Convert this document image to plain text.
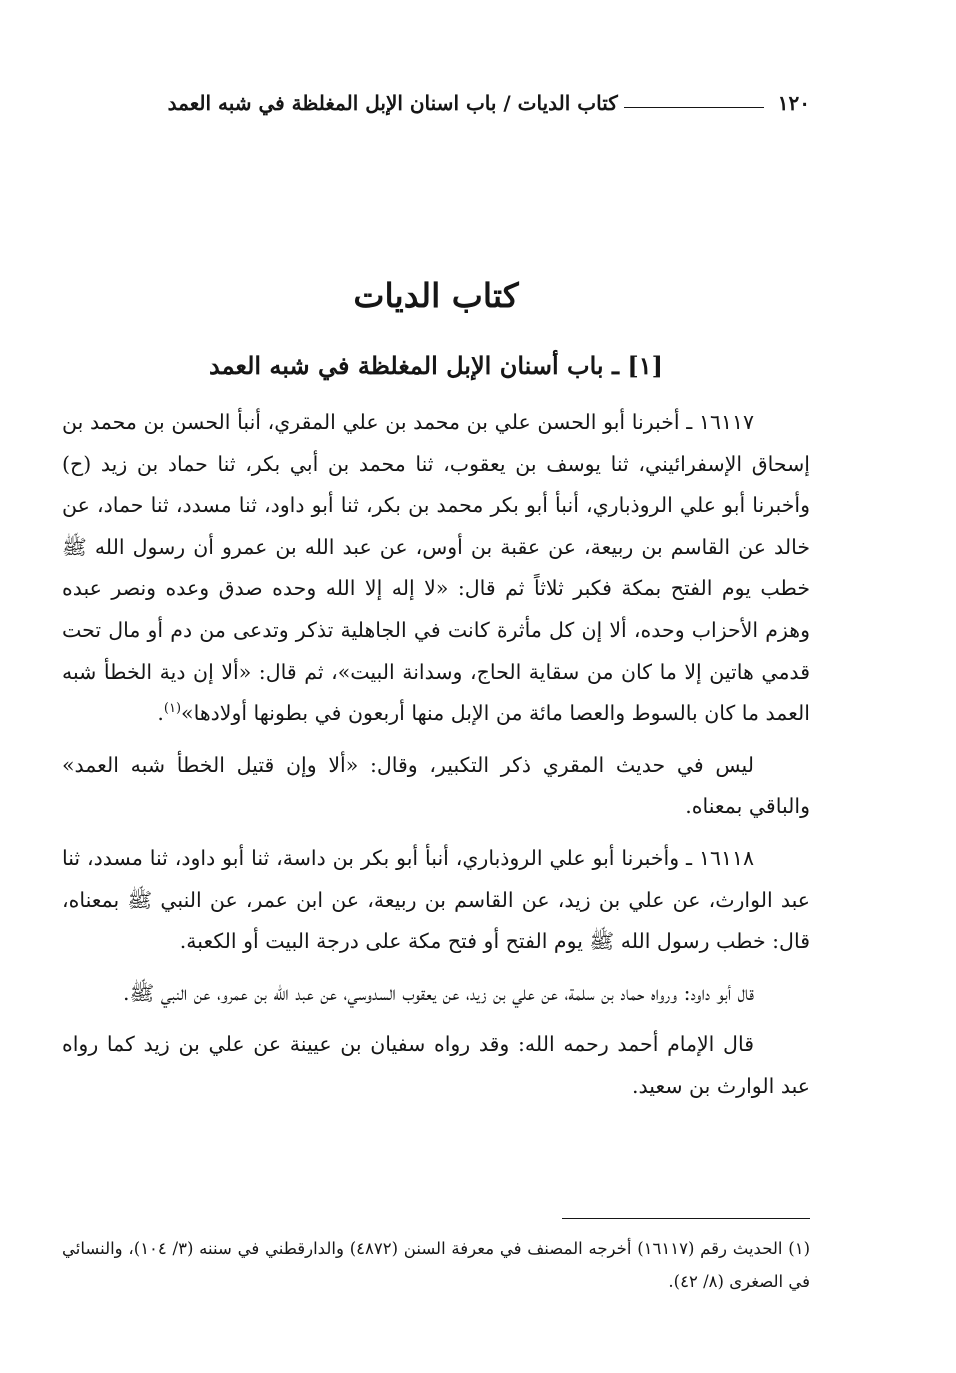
١٢٠
كتاب الديات / باب اسنان الإبل المغلظة في شبه العمد
كتاب الديات
[١] ـ باب أسنان الإبل المغلظة في شبه العمد

١٦١١٧ ـ أخبرنا أبو الحسن علي بن محمد بن علي المقري، أنبأ الحسن بن محمد بن إسحاق الإسفرائيني، ثنا يوسف بن يعقوب، ثنا محمد بن أبي بكر، ثنا حماد بن زيد (ح) وأخبرنا أبو علي الروذباري، أنبأ أبو بكر محمد بن بكر، ثنا أبو داود، ثنا مسدد، ثنا حماد، عن خالد عن القاسم بن ربيعة، عن عقبة بن أوس، عن عبد الله بن عمرو أن رسول الله ﷺ خطب يوم الفتح بمكة فكبر ثلاثاً ثم قال: «لا إله إلا الله وحده صدق وعده ونصر عبده وهزم الأحزاب وحده، ألا إن كل مأثرة كانت في الجاهلية تذكر وتدعى من دم أو مال تحت قدمي هاتين إلا ما كان من سقاية الحاج، وسدانة البيت»، ثم قال: «ألا إن دية الخطأ شبه العمد ما كان بالسوط والعصا مائة من الإبل منها أربعون في بطونها أولادها»$^{(١)}$.

ليس في حديث المقري ذكر التكبير، وقال: «ألا وإن قتيل الخطأ شبه العمد» والباقي بمعناه.

١٦١١٨ ـ وأخبرنا أبو علي الروذباري، أنبأ أبو بكر بن داسة، ثنا أبو داود، ثنا مسدد، ثنا عبد الوارث، عن علي بن زيد، عن القاسم بن ربيعة، عن ابن عمر، عن النبي ﷺ بمعناه، قال: خطب رسول الله ﷺ يوم الفتح أو فتح مكة على درجة البيت أو الكعبة.

قال أبو داود: ورواه حماد بن سلمة، عن علي بن زيد، عن يعقوب السدوسي، عن عبد الله بن عمرو، عن النبي ﷺ.

قال الإمام أحمد رحمه الله: وقد رواه سفيان بن عيينة عن علي بن زيد كما رواه عبد الوارث بن سعيد.

(١) الحديث رقم (١٦١١٧) أخرجه المصنف في معرفة السنن (٤٨٧٢) والدارقطني في سننه (٣/ ١٠٤)، والنسائي في الصغرى (٨/ ٤٢).
